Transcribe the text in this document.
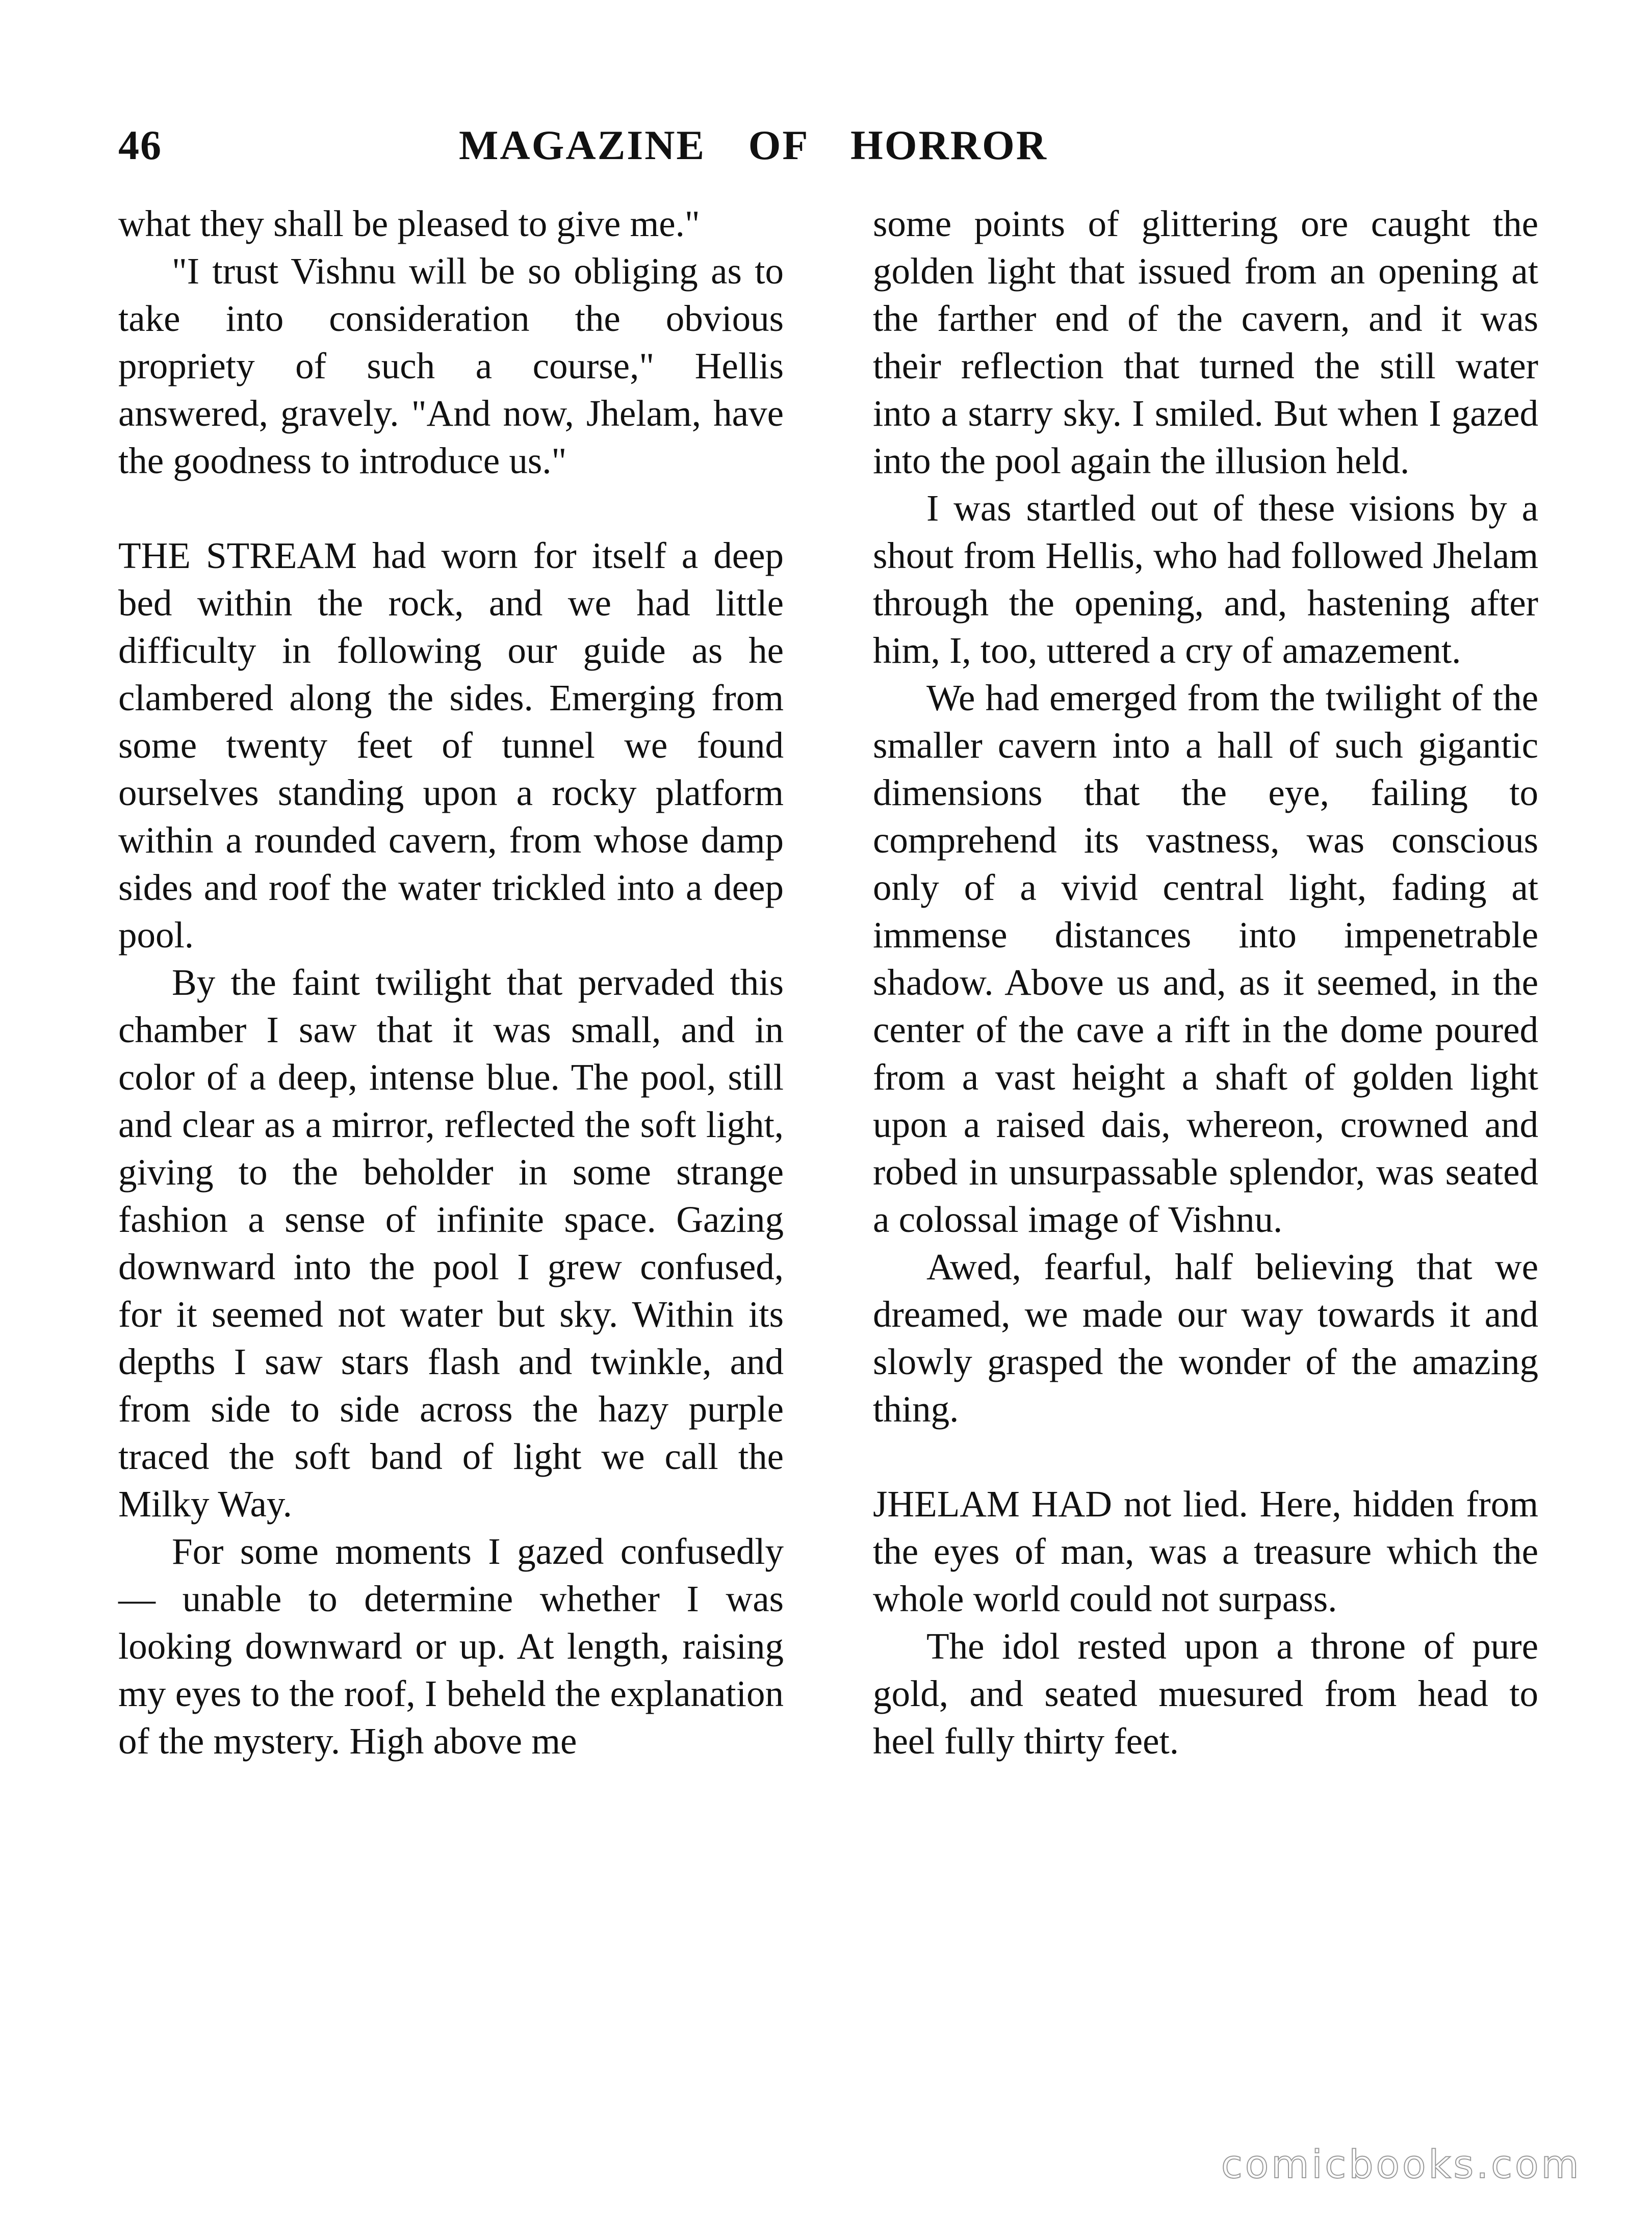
46	MAGAZINE OF HORROR

what they shall be pleased to give me."

"I trust Vishnu will be so obliging as to take into consideration the obvious propriety of such a course," Hellis answered, gravely. "And now, Jhelam, have the goodness to introduce us."

THE STREAM had worn for itself a deep bed within the rock, and we had little difficulty in following our guide as he clambered along the sides. Emerging from some twenty feet of tunnel we found ourselves standing upon a rocky platform within a rounded cavern, from whose damp sides and roof the water trickled into a deep pool.

By the faint twilight that pervaded this chamber I saw that it was small, and in color of a deep, intense blue. The pool, still and clear as a mirror, reflected the soft light, giving to the beholder in some strange fashion a sense of infinite space. Gazing downward into the pool I grew confused, for it seemed not water but sky. Within its depths I saw stars flash and twinkle, and from side to side across the hazy purple traced the soft band of light we call the Milky Way.

For some moments I gazed confusedly — unable to determine whether I was looking downward or up. At length, raising my eyes to the roof, I beheld the explanation of the mystery. High above me

some points of glittering ore caught the golden light that issued from an opening at the farther end of the cavern, and it was their reflection that turned the still water into a starry sky. I smiled. But when I gazed into the pool again the illusion held.

I was startled out of these visions by a shout from Hellis, who had followed Jhelam through the opening, and, hastening after him, I, too, uttered a cry of amazement.

We had emerged from the twilight of the smaller cavern into a hall of such gigantic dimensions that the eye, failing to comprehend its vastness, was conscious only of a vivid central light, fading at immense distances into impenetrable shadow. Above us and, as it seemed, in the center of the cave a rift in the dome poured from a vast height a shaft of golden light upon a raised dais, whereon, crowned and robed in unsurpassable splendor, was seated a colossal image of Vishnu.

Awed, fearful, half believing that we dreamed, we made our way towards it and slowly grasped the wonder of the amazing thing.

JHELAM HAD not lied. Here, hidden from the eyes of man, was a treasure which the whole world could not surpass.

The idol rested upon a throne of pure gold, and seated muesured from head to heel fully thirty feet.

comicbooks.com
